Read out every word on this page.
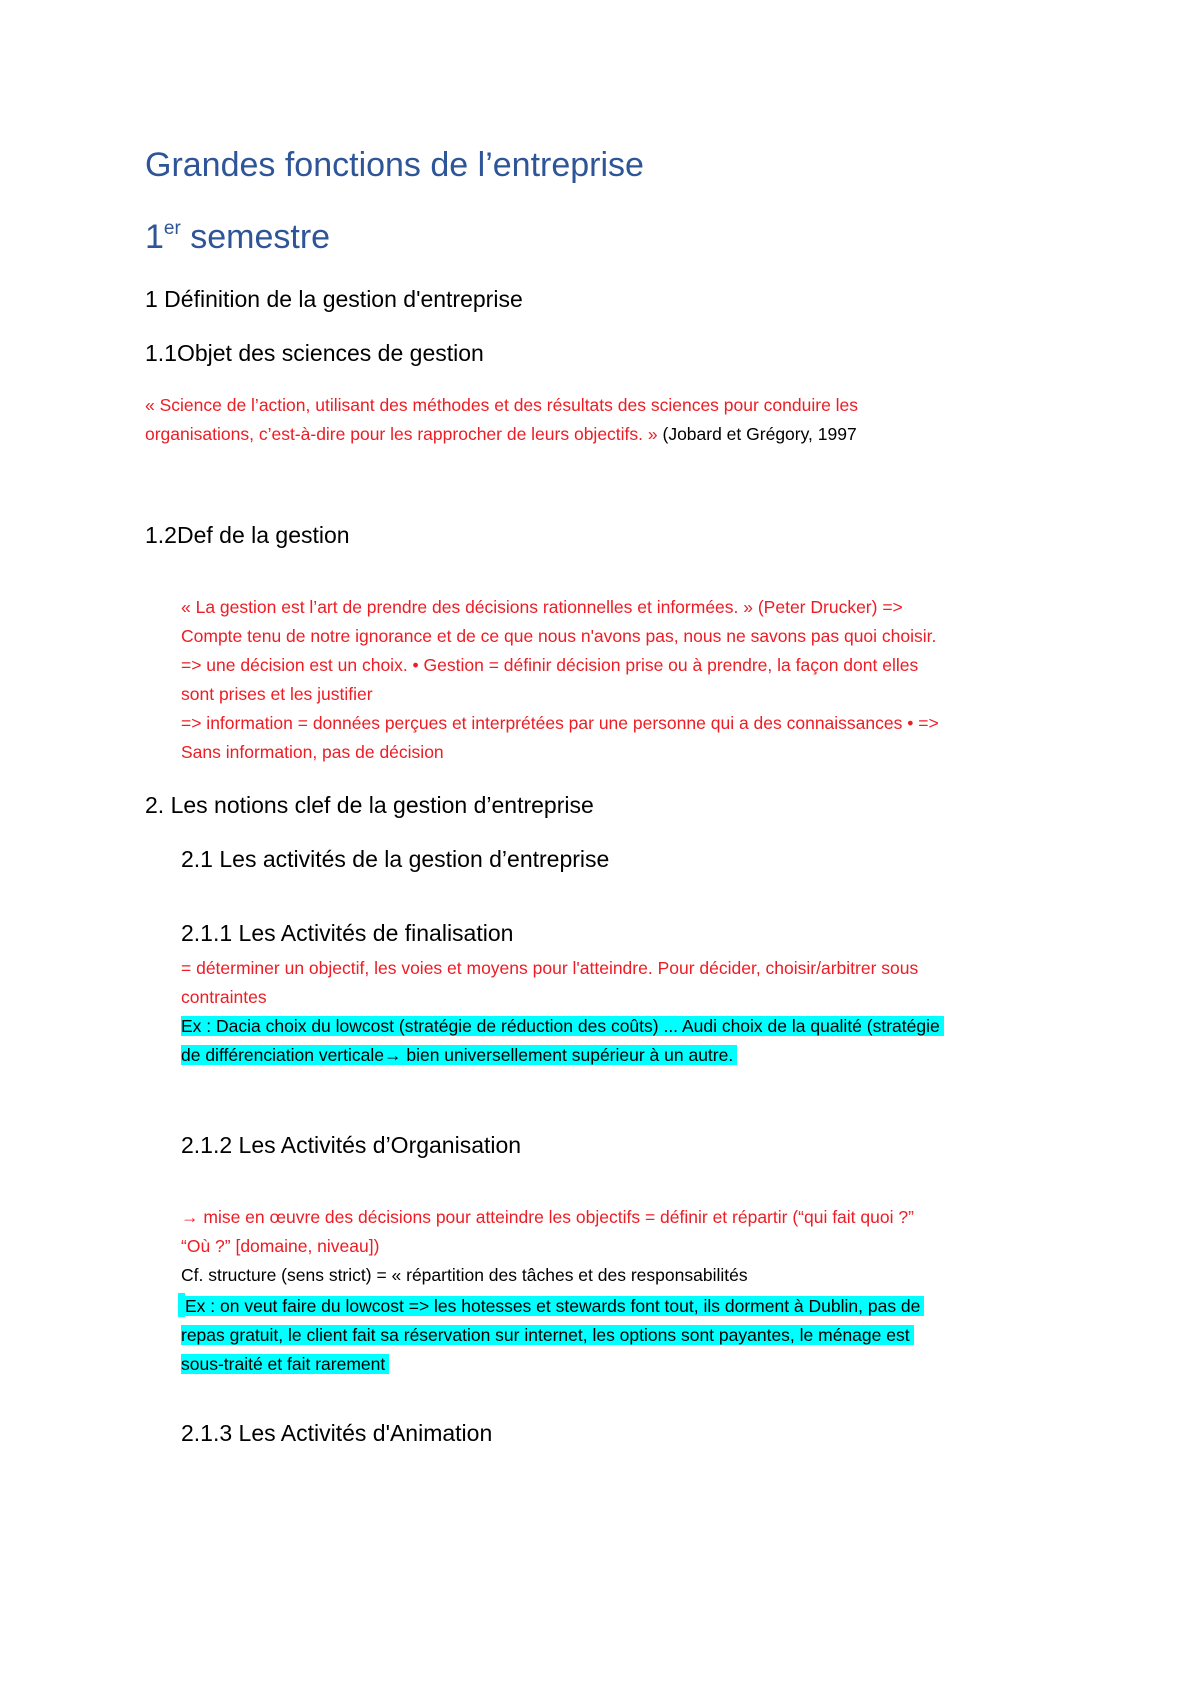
Grandes fonctions de l’entreprise
1er semestre
1 Définition de la gestion d'entreprise
1.1Objet des sciences de gestion
« Science de l’action, utilisant des méthodes et des résultats des sciences pour conduire les
organisations, c’est-à-dire pour les rapprocher de leurs objectifs. » (Jobard et Grégory, 1997
1.2Def de la gestion
« La gestion est l’art de prendre des décisions rationnelles et informées. » (Peter Drucker) =>
Compte tenu de notre ignorance et de ce que nous n'avons pas, nous ne savons pas quoi choisir.
=> une décision est un choix. • Gestion = définir décision prise ou à prendre, la façon dont elles
sont prises et les justifier
=> information = données perçues et interprétées par une personne qui a des connaissances • =>
Sans information, pas de décision
2. Les notions clef de la gestion d’entreprise
2.1 Les activités de la gestion d’entreprise
2.1.1 Les Activités de finalisation
= déterminer un objectif, les voies et moyens pour l'atteindre. Pour décider, choisir/arbitrer sous
contraintes
Ex : Dacia choix du lowcost (stratégie de réduction des coûts) ... Audi choix de la qualité (stratégie
de différenciation verticale→ bien universellement supérieur à un autre.
2.1.2 Les Activités d’Organisation
→ mise en œuvre des décisions pour atteindre les objectifs = définir et répartir (“qui fait quoi ?”
“Où ?” [domaine, niveau])
Cf. structure (sens strict) = « répartition des tâches et des responsabilités
Ex : on veut faire du lowcost => les hotesses et stewards font tout, ils dorment à Dublin, pas de
repas gratuit, le client fait sa réservation sur internet, les options sont payantes, le ménage est
sous-traité et fait rarement
2.1.3 Les Activités d'Animation
